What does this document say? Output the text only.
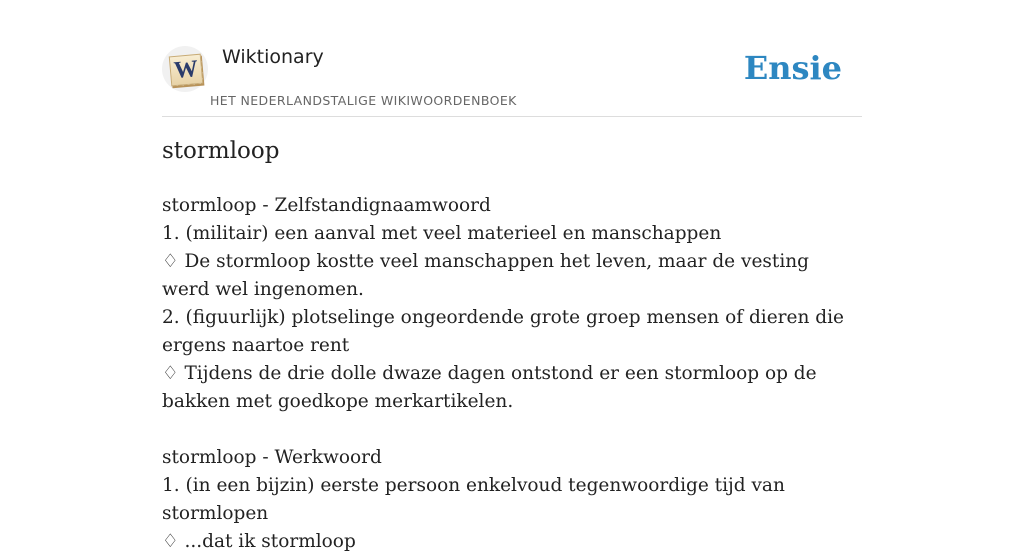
W Wiktionary
HET NEDERLANDSTALIGE WIKIWOORDENBOEK
Ensie
stormloop

stormloop - Zelfstandignaamwoord

1. (militair) een aanval met veel materieel en manschappen

♢ De stormloop kostte veel manschappen het leven, maar de vesting werd wel ingenomen.

2. (figuurlijk) plotselinge ongeordende grote groep mensen of dieren die ergens naartoe rent

♢ Tijdens de drie dolle dwaze dagen ontstond er een stormloop op de bakken met goedkope merkartikelen.

stormloop - Werkwoord

1. (in een bijzin) eerste persoon enkelvoud tegenwoordige tijd van stormlopen

♢ ...dat ik stormloop
